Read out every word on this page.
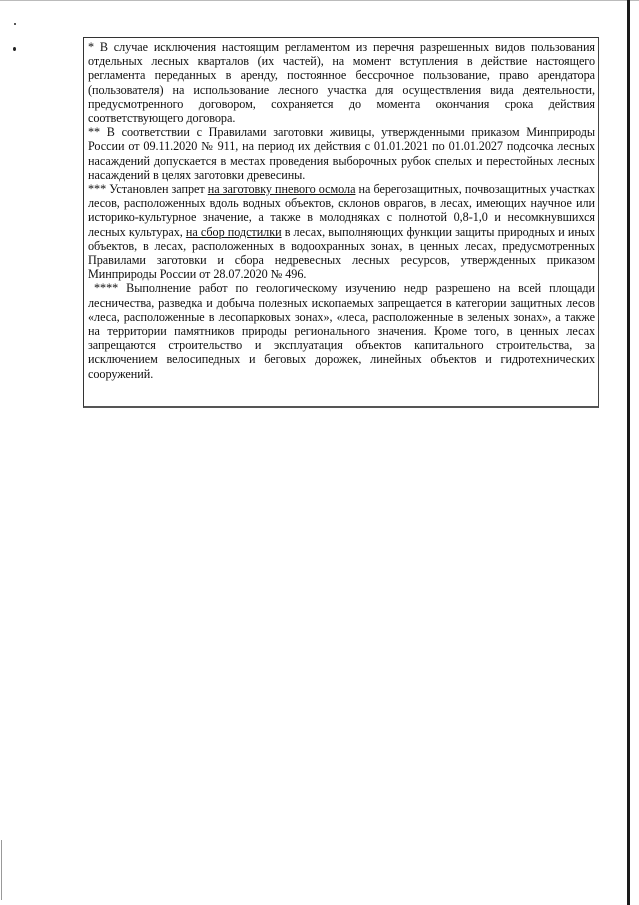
* В случае исключения настоящим регламентом из перечня разрешенных видов пользования отдельных лесных кварталов (их частей), на момент вступления в действие настоящего регламента переданных в аренду, постоянное бессрочное пользование, право арендатора (пользователя) на использование лесного участка для осуществления вида деятельности, предусмотренного договором, сохраняется до момента окончания срока действия соответствующего договора.

** В соответствии с Правилами заготовки живицы, утвержденными приказом Минприроды России от 09.11.2020 № 911, на период их действия с 01.01.2021 по 01.01.2027 подсочка лесных насаждений допускается в местах проведения выборочных рубок спелых и перестойных лесных насаждений в целях заготовки древесины.

*** Установлен запрет на заготовку пневого осмола на берегозащитных, почвозащитных участках лесов, расположенных вдоль водных объектов, склонов оврагов, в лесах, имеющих научное или историко-культурное значение, а также в молодняках с полнотой 0,8-1,0 и несомкнувшихся лесных культурах, на сбор подстилки в лесах, выполняющих функции защиты природных и иных объектов, в лесах, расположенных в водоохранных зонах, в ценных лесах, предусмотренных Правилами заготовки и сбора недревесных лесных ресурсов, утвержденных приказом Минприроды России от 28.07.2020 № 496.

**** Выполнение работ по геологическому изучению недр разрешено на всей площади лесничества, разведка и добыча полезных ископаемых запрещается в категории защитных лесов «леса, расположенные в лесопарковых зонах», «леса, расположенные в зеленых зонах», а также на территории памятников природы регионального значения. Кроме того, в ценных лесах запрещаются строительство и эксплуатация объектов капитального строительства, за исключением велосипедных и беговых дорожек, линейных объектов и гидротехнических сооружений.
